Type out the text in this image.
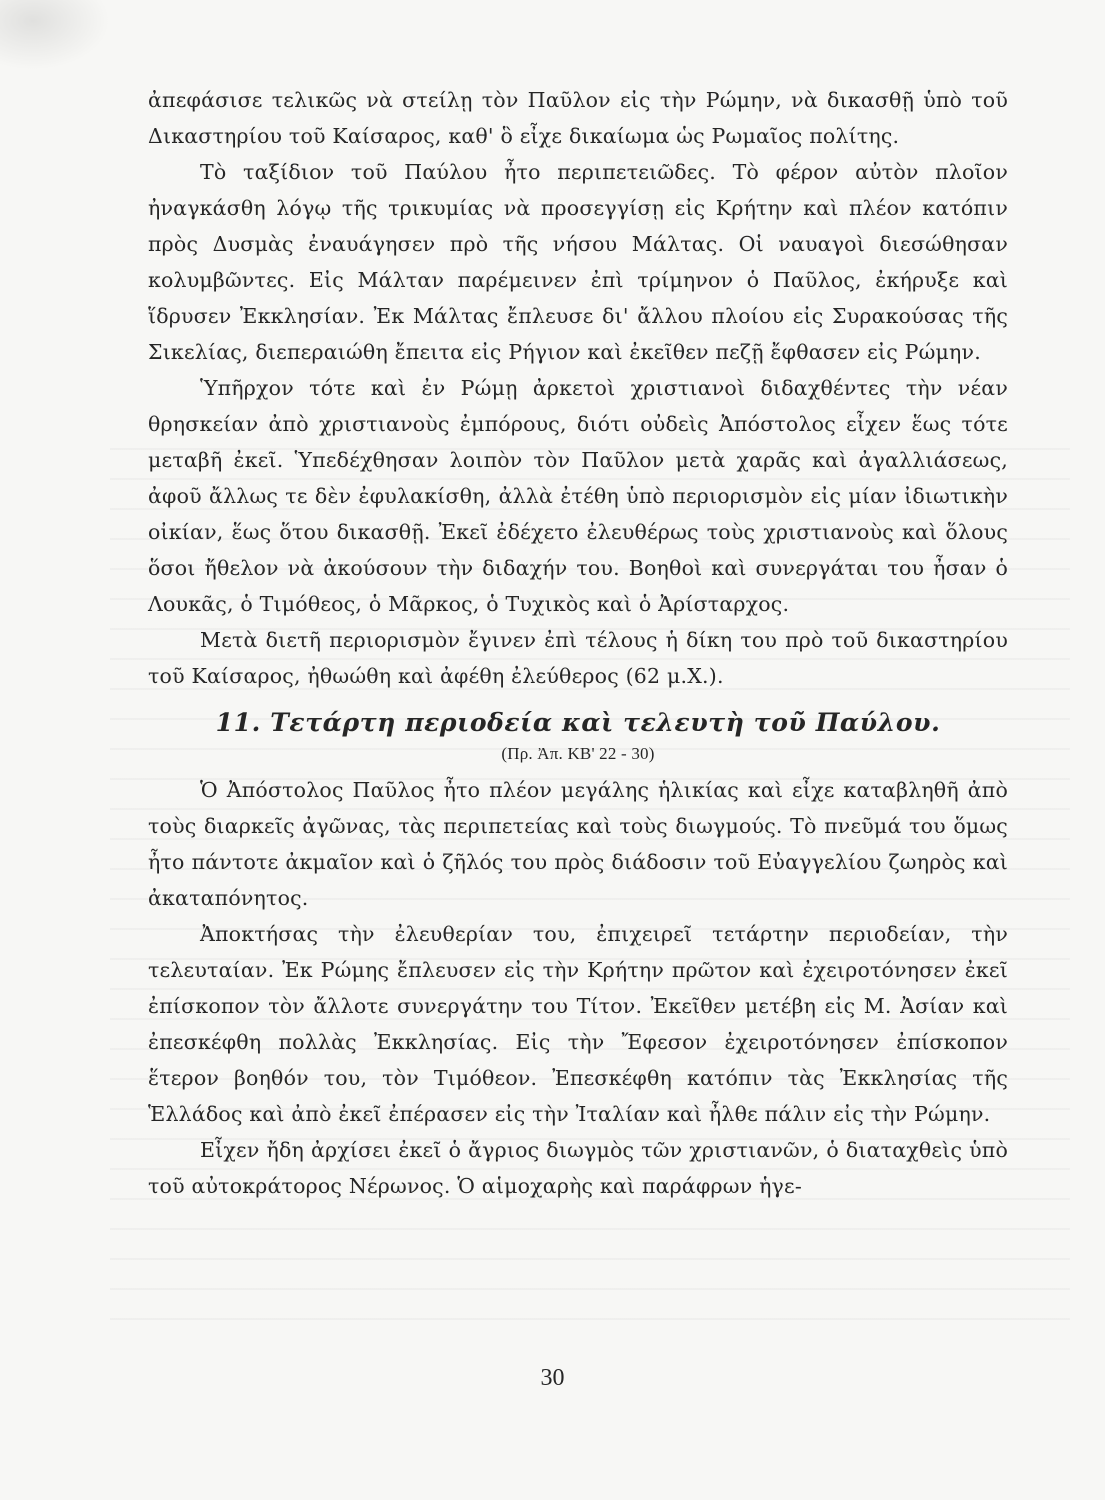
ἀπεφάσισε τελικῶς νὰ στείλῃ τὸν Παῦλον εἰς τὴν Ρώμην, νὰ δικασθῇ ὑπὸ τοῦ Δικαστηρίου τοῦ Καίσαρος, καθ' ὃ εἶχε δικαίωμα ὡς Ρωμαῖος πολίτης.

Τὸ ταξίδιον τοῦ Παύλου ἦτο περιπετειῶδες. Τὸ φέρον αὐτὸν πλοῖον ἠναγκάσθη λόγῳ τῆς τρικυμίας νὰ προσεγγίσῃ εἰς Κρήτην καὶ πλέον κατόπιν πρὸς Δυσμὰς ἐναυάγησεν πρὸ τῆς νήσου Μάλτας. Οἱ ναυαγοὶ διεσώθησαν κολυμβῶντες. Εἰς Μάλταν παρέμεινεν ἐπὶ τρίμηνον ὁ Παῦλος, ἐκήρυξε καὶ ἵδρυσεν Ἐκκλησίαν. Ἐκ Μάλτας ἔπλευσε δι' ἄλλου πλοίου εἰς Συρακούσας τῆς Σικελίας, διεπεραιώθη ἔπειτα εἰς Ρήγιον καὶ ἐκεῖθεν πεζῇ ἔφθασεν εἰς Ρώμην.

Ὑπῆρχον τότε καὶ ἐν Ρώμῃ ἀρκετοὶ χριστιανοὶ διδαχθέντες τὴν νέαν θρησκείαν ἀπὸ χριστιανοὺς ἐμπόρους, διότι οὐδεὶς Ἀπόστολος εἶχεν ἕως τότε μεταβῆ ἐκεῖ. Ὑπεδέχθησαν λοιπὸν τὸν Παῦλον μετὰ χαρᾶς καὶ ἀγαλλιάσεως, ἀφοῦ ἄλλως τε δὲν ἐφυλακίσθη, ἀλλὰ ἐτέθη ὑπὸ περιορισμὸν εἰς μίαν ἰδιωτικὴν οἰκίαν, ἕως ὅτου δικασθῇ. Ἐκεῖ ἐδέχετο ἐλευθέρως τοὺς χριστιανοὺς καὶ ὅλους ὅσοι ἤθελον νὰ ἀκούσουν τὴν διδαχήν του. Βοηθοὶ καὶ συνεργάται του ἦσαν ὁ Λουκᾶς, ὁ Τιμόθεος, ὁ Μᾶρκος, ὁ Τυχικὸς καὶ ὁ Ἀρίσταρχος.

Μετὰ διετῆ περιορισμὸν ἔγινεν ἐπὶ τέλους ἡ δίκη του πρὸ τοῦ δικαστηρίου τοῦ Καίσαρος, ἠθωώθη καὶ ἀφέθη ἐλεύθερος (62 μ.Χ.).

11. Τετάρτη περιοδεία καὶ τελευτὴ τοῦ Παύλου.
(Πρ. Ἀπ. ΚΒ' 22 - 30)

Ὁ Ἀπόστολος Παῦλος ἦτο πλέον μεγάλης ἡλικίας καὶ εἶχε καταβληθῆ ἀπὸ τοὺς διαρκεῖς ἀγῶνας, τὰς περιπετείας καὶ τοὺς διωγμούς. Τὸ πνεῦμά του ὅμως ἦτο πάντοτε ἀκμαῖον καὶ ὁ ζῆλός του πρὸς διάδοσιν τοῦ Εὐαγγελίου ζωηρὸς καὶ ἀκαταπόνητος.

Ἀποκτήσας τὴν ἐλευθερίαν του, ἐπιχειρεῖ τετάρτην περιοδείαν, τὴν τελευταίαν. Ἐκ Ρώμης ἔπλευσεν εἰς τὴν Κρήτην πρῶτον καὶ ἐχειροτόνησεν ἐκεῖ ἐπίσκοπον τὸν ἄλλοτε συνεργάτην του Τίτον. Ἐκεῖθεν μετέβη εἰς Μ. Ἀσίαν καὶ ἐπεσκέφθη πολλὰς Ἐκκλησίας. Εἰς τὴν Ἔφεσον ἐχειροτόνησεν ἐπίσκοπον ἕτερον βοηθόν του, τὸν Τιμόθεον. Ἐπεσκέφθη κατόπιν τὰς Ἐκκλησίας τῆς Ἑλλάδος καὶ ἀπὸ ἐκεῖ ἐπέρασεν εἰς τὴν Ἰταλίαν καὶ ἦλθε πάλιν εἰς τὴν Ρώμην.

Εἶχεν ἤδη ἀρχίσει ἐκεῖ ὁ ἄγριος διωγμὸς τῶν χριστιανῶν, ὁ διαταχθεὶς ὑπὸ τοῦ αὐτοκράτορος Νέρωνος. Ὁ αἱμοχαρὴς καὶ παράφρων ἡγε-

30
